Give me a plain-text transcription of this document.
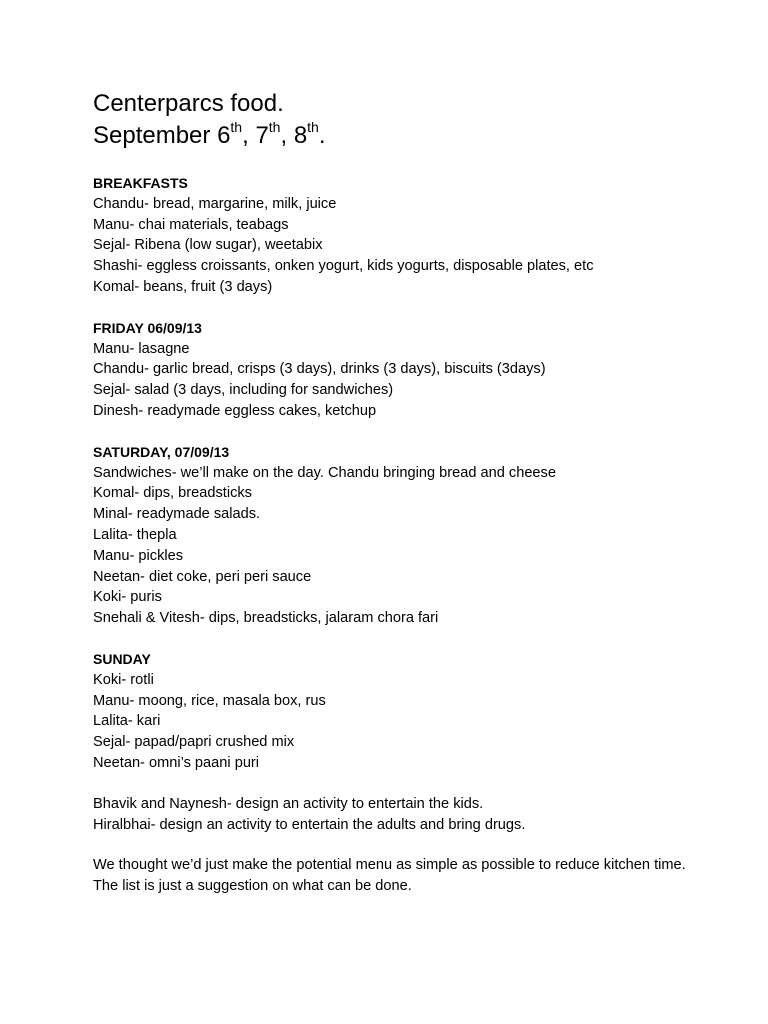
Centerparcs food.

September 6th, 7th, 8th.

BREAKFASTS

Chandu- bread, margarine, milk, juice

Manu- chai materials, teabags

Sejal- Ribena (low sugar), weetabix

Shashi- eggless croissants, onken yogurt, kids yogurts, disposable plates, etc

Komal- beans, fruit (3 days)

FRIDAY 06/09/13

Manu- lasagne

Chandu- garlic bread, crisps (3 days), drinks (3 days), biscuits (3days)

Sejal- salad (3 days, including for sandwiches)

Dinesh- readymade eggless cakes, ketchup

SATURDAY, 07/09/13

Sandwiches- we’ll make on the day. Chandu bringing bread and cheese

Komal- dips, breadsticks

Minal- readymade salads.

Lalita- thepla

Manu- pickles

Neetan- diet coke, peri peri sauce

Koki- puris

Snehali & Vitesh- dips, breadsticks, jalaram chora fari

SUNDAY

Koki- rotli

Manu- moong, rice, masala box, rus

Lalita- kari

Sejal- papad/papri crushed mix

Neetan- omni’s paani puri

Bhavik and Naynesh- design an activity to entertain the kids.

Hiralbhai- design an activity to entertain the adults and bring drugs.

We thought we’d just make the potential menu as simple as possible to reduce kitchen time.

The list is just a suggestion on what can be done.
